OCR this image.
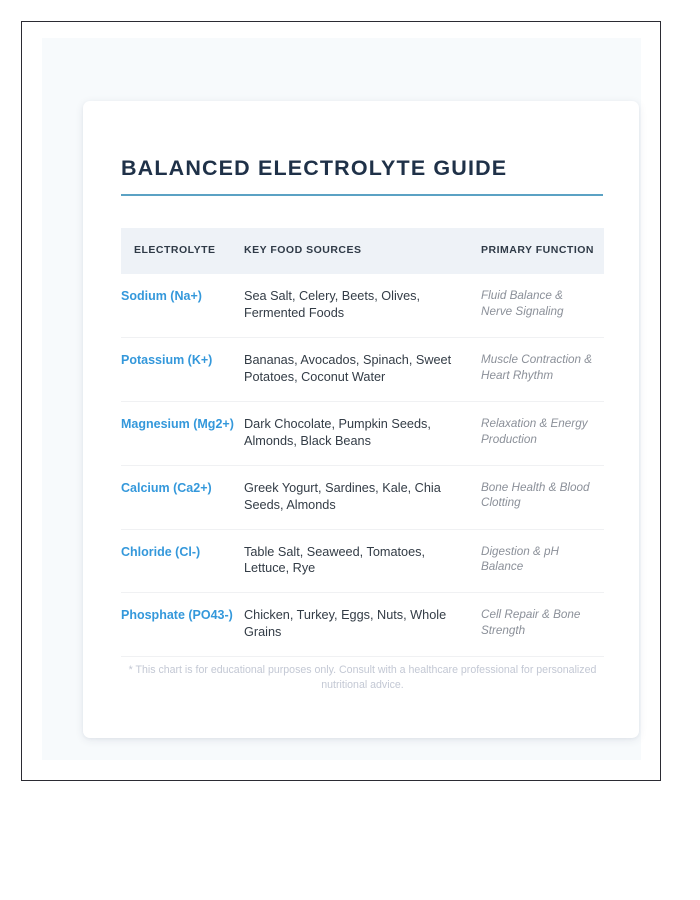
BALANCED ELECTROLYTE GUIDE
ELECTROLYTE	KEY FOOD SOURCES	PRIMARY FUNCTION
Sodium (Na+)	Sea Salt, Celery, Beets, Olives, Fermented Foods	Fluid Balance & Nerve Signaling
Potassium (K+)	Bananas, Avocados, Spinach, Sweet Potatoes, Coconut Water	Muscle Contraction & Heart Rhythm
Magnesium (Mg2+)	Dark Chocolate, Pumpkin Seeds, Almonds, Black Beans	Relaxation & Energy Production
Calcium (Ca2+)	Greek Yogurt, Sardines, Kale, Chia Seeds, Almonds	Bone Health & Blood Clotting
Chloride (Cl-)	Table Salt, Seaweed, Tomatoes, Lettuce, Rye	Digestion & pH Balance
Phosphate (PO43-)	Chicken, Turkey, Eggs, Nuts, Whole Grains	Cell Repair & Bone Strength
* This chart is for educational purposes only. Consult with a healthcare professional for personalized nutritional advice.
